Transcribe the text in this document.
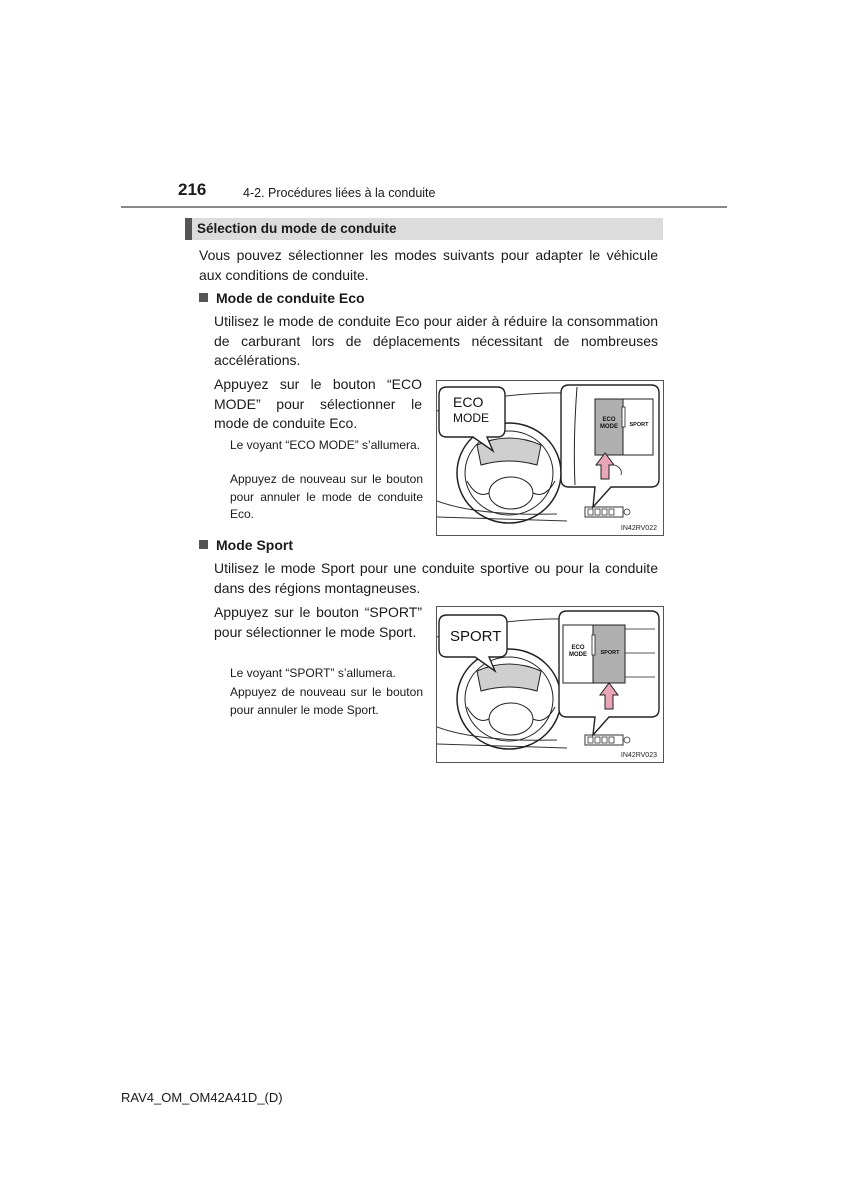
216	4-2. Procédures liées à la conduite
Sélection du mode de conduite
Vous pouvez sélectionner les modes suivants pour adapter le véhicule aux conditions de conduite.
Mode de conduite Eco
Utilisez le mode de conduite Eco pour aider à réduire la consommation de carburant lors de déplacements nécessitant de nombreuses accélérations.
Appuyez sur le bouton “ECO MODE” pour sélectionner le mode de conduite Eco.
Le voyant “ECO MODE” s’allumera.
Appuyez de nouveau sur le bouton pour annuler le mode de conduite Eco.
ECO
MODE	ECO
MODE	SPORT
IN42RV022
Mode Sport
Utilisez le mode Sport pour une conduite sportive ou pour la conduite dans des régions montagneuses.
Appuyez sur le bouton “SPORT” pour sélectionner le mode Sport.
Le voyant “SPORT” s’allumera.
Appuyez de nouveau sur le bouton pour annuler le mode Sport.
SPORT
ECO
MODE	SPORT
IN42RV023
RAV4_OM_OM42A41D_(D)
